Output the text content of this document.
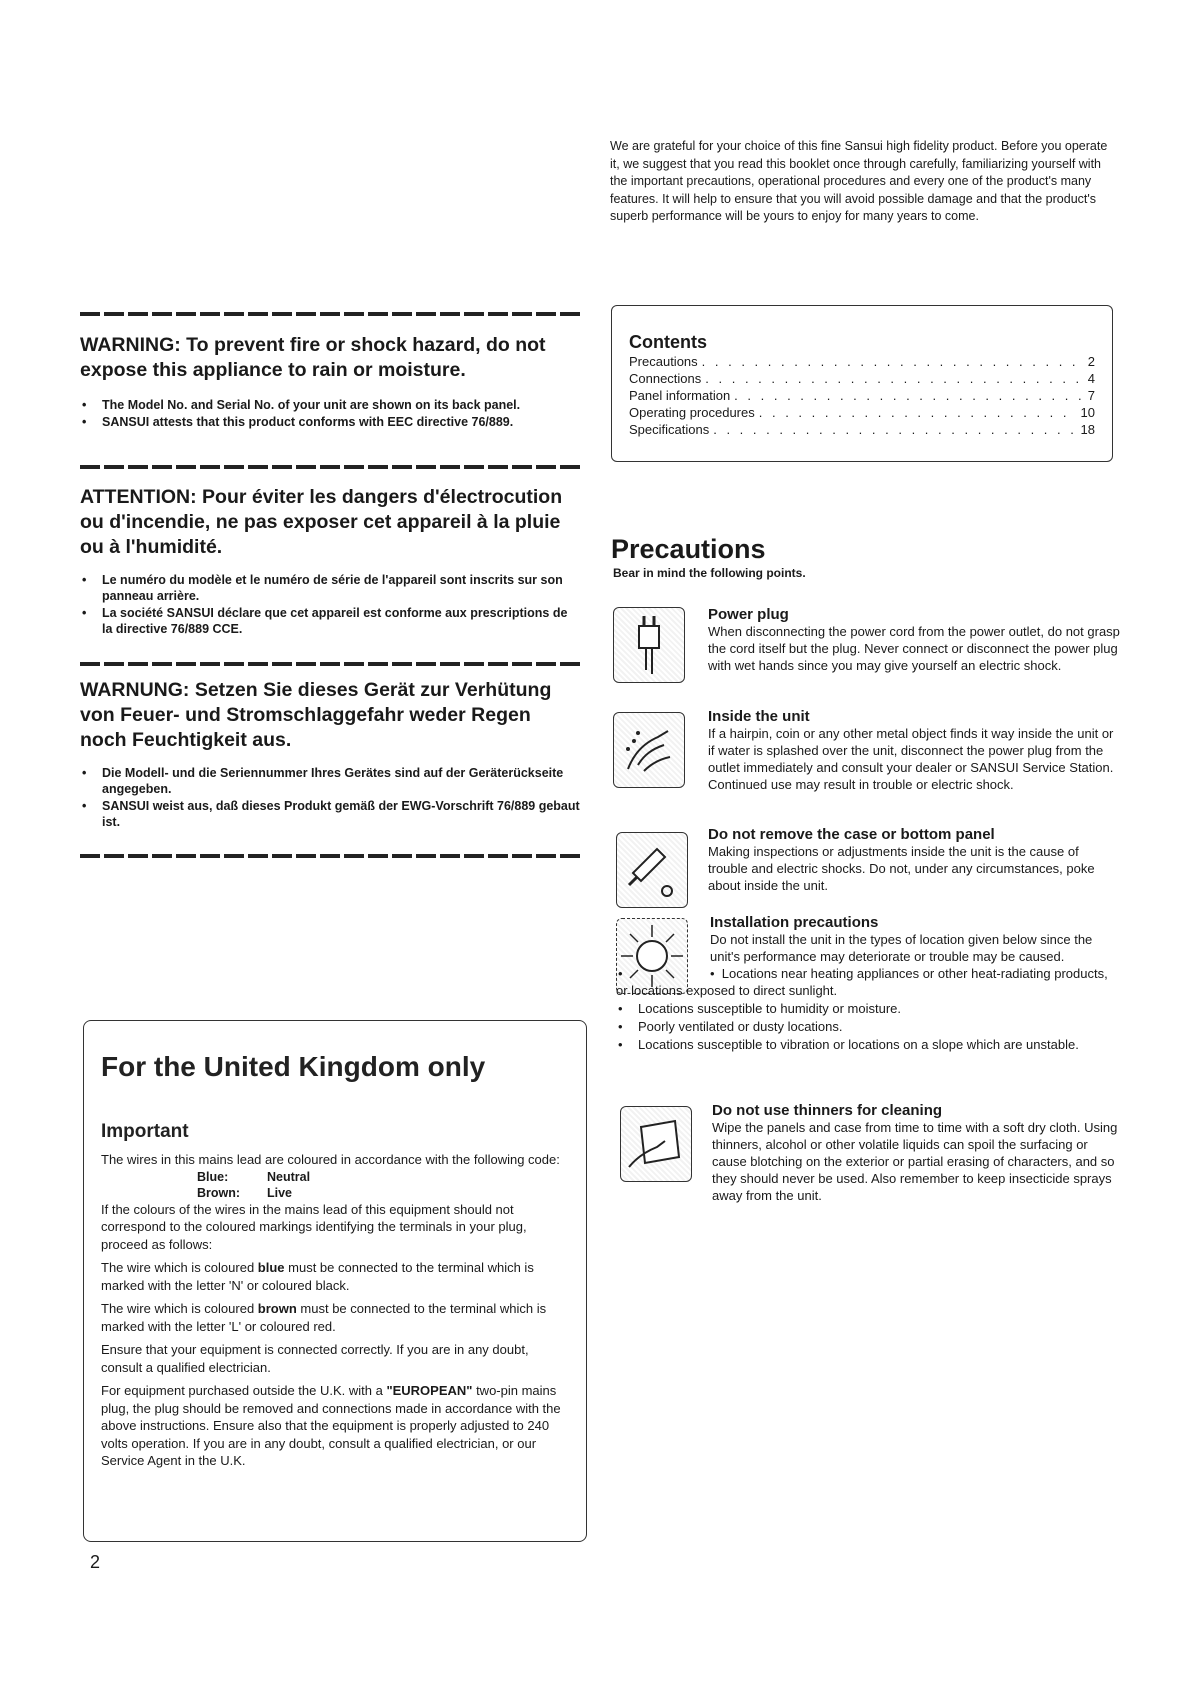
We are grateful for your choice of this fine Sansui high fidelity product. Before you operate it, we suggest that you read this booklet once through carefully, familiarizing yourself with the important precautions, operational procedures and every one of the product's many features. It will help to ensure that you will avoid possible damage and that the product's superb performance will be yours to enjoy for many years to come.
WARNING: To prevent fire or shock hazard, do not expose this appliance to rain or moisture.
• The Model No. and Serial No. of your unit are shown on its back panel.
• SANSUI attests that this product conforms with EEC directive 76/889.
ATTENTION: Pour éviter les dangers d'électrocution ou d'incendie, ne pas exposer cet appareil à la pluie ou à l'humidité.
• Le numéro du modèle et le numéro de série de l'appareil sont inscrits sur son panneau arrière.
• La société SANSUI déclare que cet appareil est conforme aux prescriptions de la directive 76/889 CCE.
WARNUNG: Setzen Sie dieses Gerät zur Verhütung von Feuer- und Stromschlaggefahr weder Regen noch Feuchtigkeit aus.
• Die Modell- und die Seriennummer Ihres Gerätes sind auf der Geräterückseite angegeben.
• SANSUI weist aus, daß dieses Produkt gemäß der EWG-Vorschrift 76/889 gebaut ist.
Contents
Precautions . . .	2
Connections . . .	4
Panel information . . .	7
Operating procedures . . .	10
Specifications . . .	18
Precautions
Bear in mind the following points.
Power plug
When disconnecting the power cord from the power outlet, do not grasp the cord itself but the plug. Never connect or disconnect the power plug with wet hands since you may give yourself an electric shock.
Inside the unit
If a hairpin, coin or any other metal object finds it way inside the unit or if water is splashed over the unit, disconnect the power plug from the outlet immediately and consult your dealer or SANSUI Service Station. Continued use may result in trouble or electric shock.
Do not remove the case or bottom panel
Making inspections or adjustments inside the unit is the cause of trouble and electric shocks. Do not, under any circumstances, poke about inside the unit.
Installation precautions
Do not install the unit in the types of location given below since the unit's performance may deteriorate or trouble may be caused.
• •  Locations near heating appliances or other heat-radiating products, or locations exposed to direct sunlight.
• Locations susceptible to humidity or moisture.
• Poorly ventilated or dusty locations.
• Locations susceptible to vibration or locations on a slope which are unstable.
Do not use thinners for cleaning
Wipe the panels and case from time to time with a soft dry cloth. Using thinners, alcohol or other volatile liquids can spoil the surfacing or cause blotching on the exterior or partial erasing of characters, and so they should never be used. Also remember to keep insecticide sprays away from the unit.
For the United Kingdom only
Important

The wires in this mains lead are coloured in accordance with the following code:

Blue:	Neutral
Brown: Live

If the colours of the wires in the mains lead of this equipment should not correspond to the coloured markings identifying the terminals in your plug, proceed as follows:

The wire which is coloured blue must be connected to the terminal which is marked with the letter 'N' or coloured black.

The wire which is coloured brown must be connected to the terminal which is marked with the letter 'L' or coloured red.

Ensure that your equipment is connected correctly. If you are in any doubt, consult a qualified electrician.

For equipment purchased outside the U.K. with a "EUROPEAN" two-pin mains plug, the plug should be removed and connections made in accordance with the above instructions. Ensure also that the equipment is properly adjusted to 240 volts operation. If you are in any doubt, consult a qualified electrician, or our Service Agent in the U.K.

2
